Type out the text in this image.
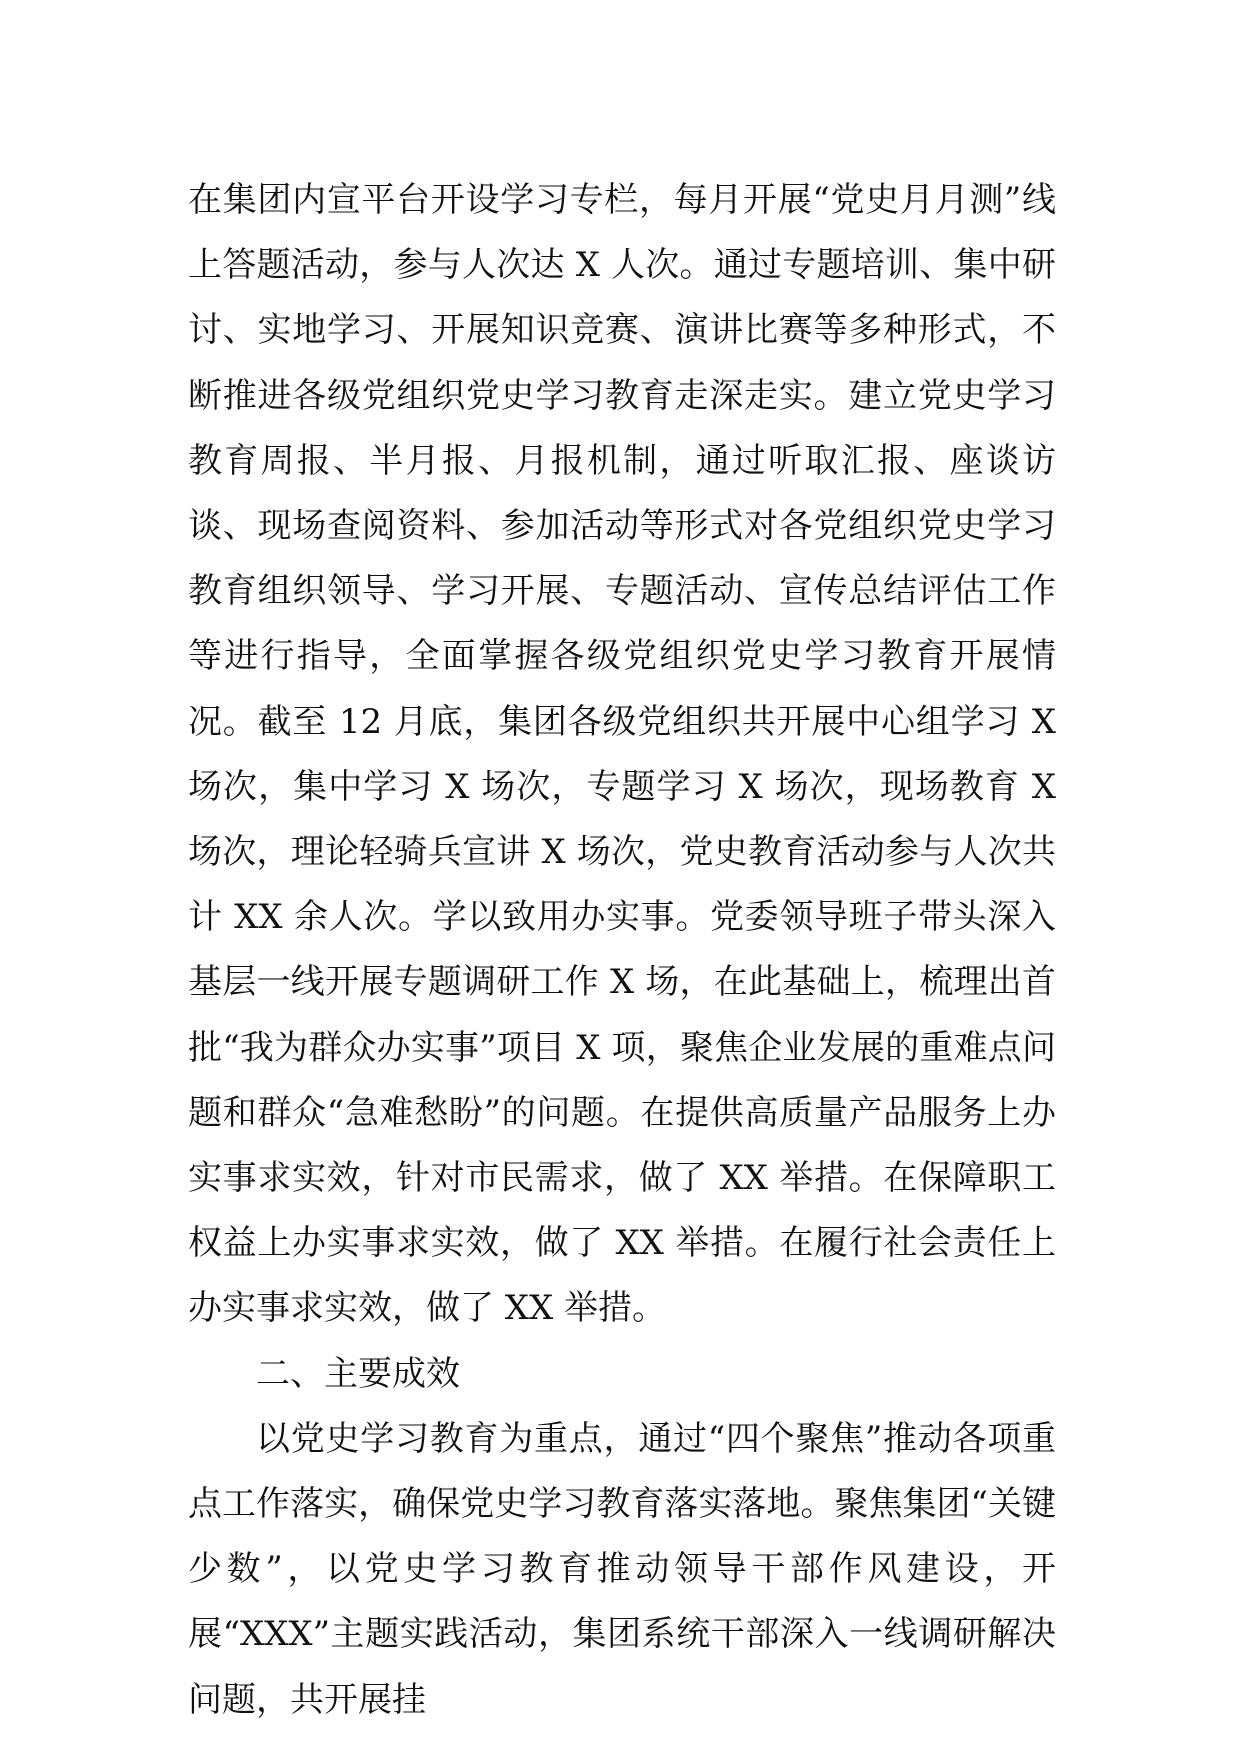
在集团内宣平台开设学习专栏，每月开展“党史月月测”线上答题活动，参与人次达 X 人次。通过专题培训、集中研讨、实地学习、开展知识竞赛、演讲比赛等多种形式，不断推进各级党组织党史学习教育走深走实。建立党史学习教育周报、半月报、月报机制，通过听取汇报、座谈访谈、现场查阅资料、参加活动等形式对各党组织党史学习教育组织领导、学习开展、专题活动、宣传总结评估工作等进行指导，全面掌握各级党组织党史学习教育开展情况。截至 12 月底，集团各级党组织共开展中心组学习 X 场次，集中学习 X 场次，专题学习 X 场次，现场教育 X 场次，理论轻骑兵宣讲 X 场次，党史教育活动参与人次共计 XX 余人次。学以致用办实事。党委领导班子带头深入基层一线开展专题调研工作 X 场，在此基础上，梳理出首批“我为群众办实事”项目 X 项，聚焦企业发展的重难点问题和群众“急难愁盼”的问题。在提供高质量产品服务上办实事求实效，针对市民需求，做了 XX 举措。在保障职工权益上办实事求实效，做了 XX 举措。在履行社会责任上办实事求实效，做了 XX 举措。

二、主要成效

以党史学习教育为重点，通过“四个聚焦”推动各项重点工作落实，确保党史学习教育落实落地。聚焦集团“关键少数”，以党史学习教育推动领导干部作风建设，开展“XXX”主题实践活动，集团系统干部深入一线调研解决问题，共开展挂
